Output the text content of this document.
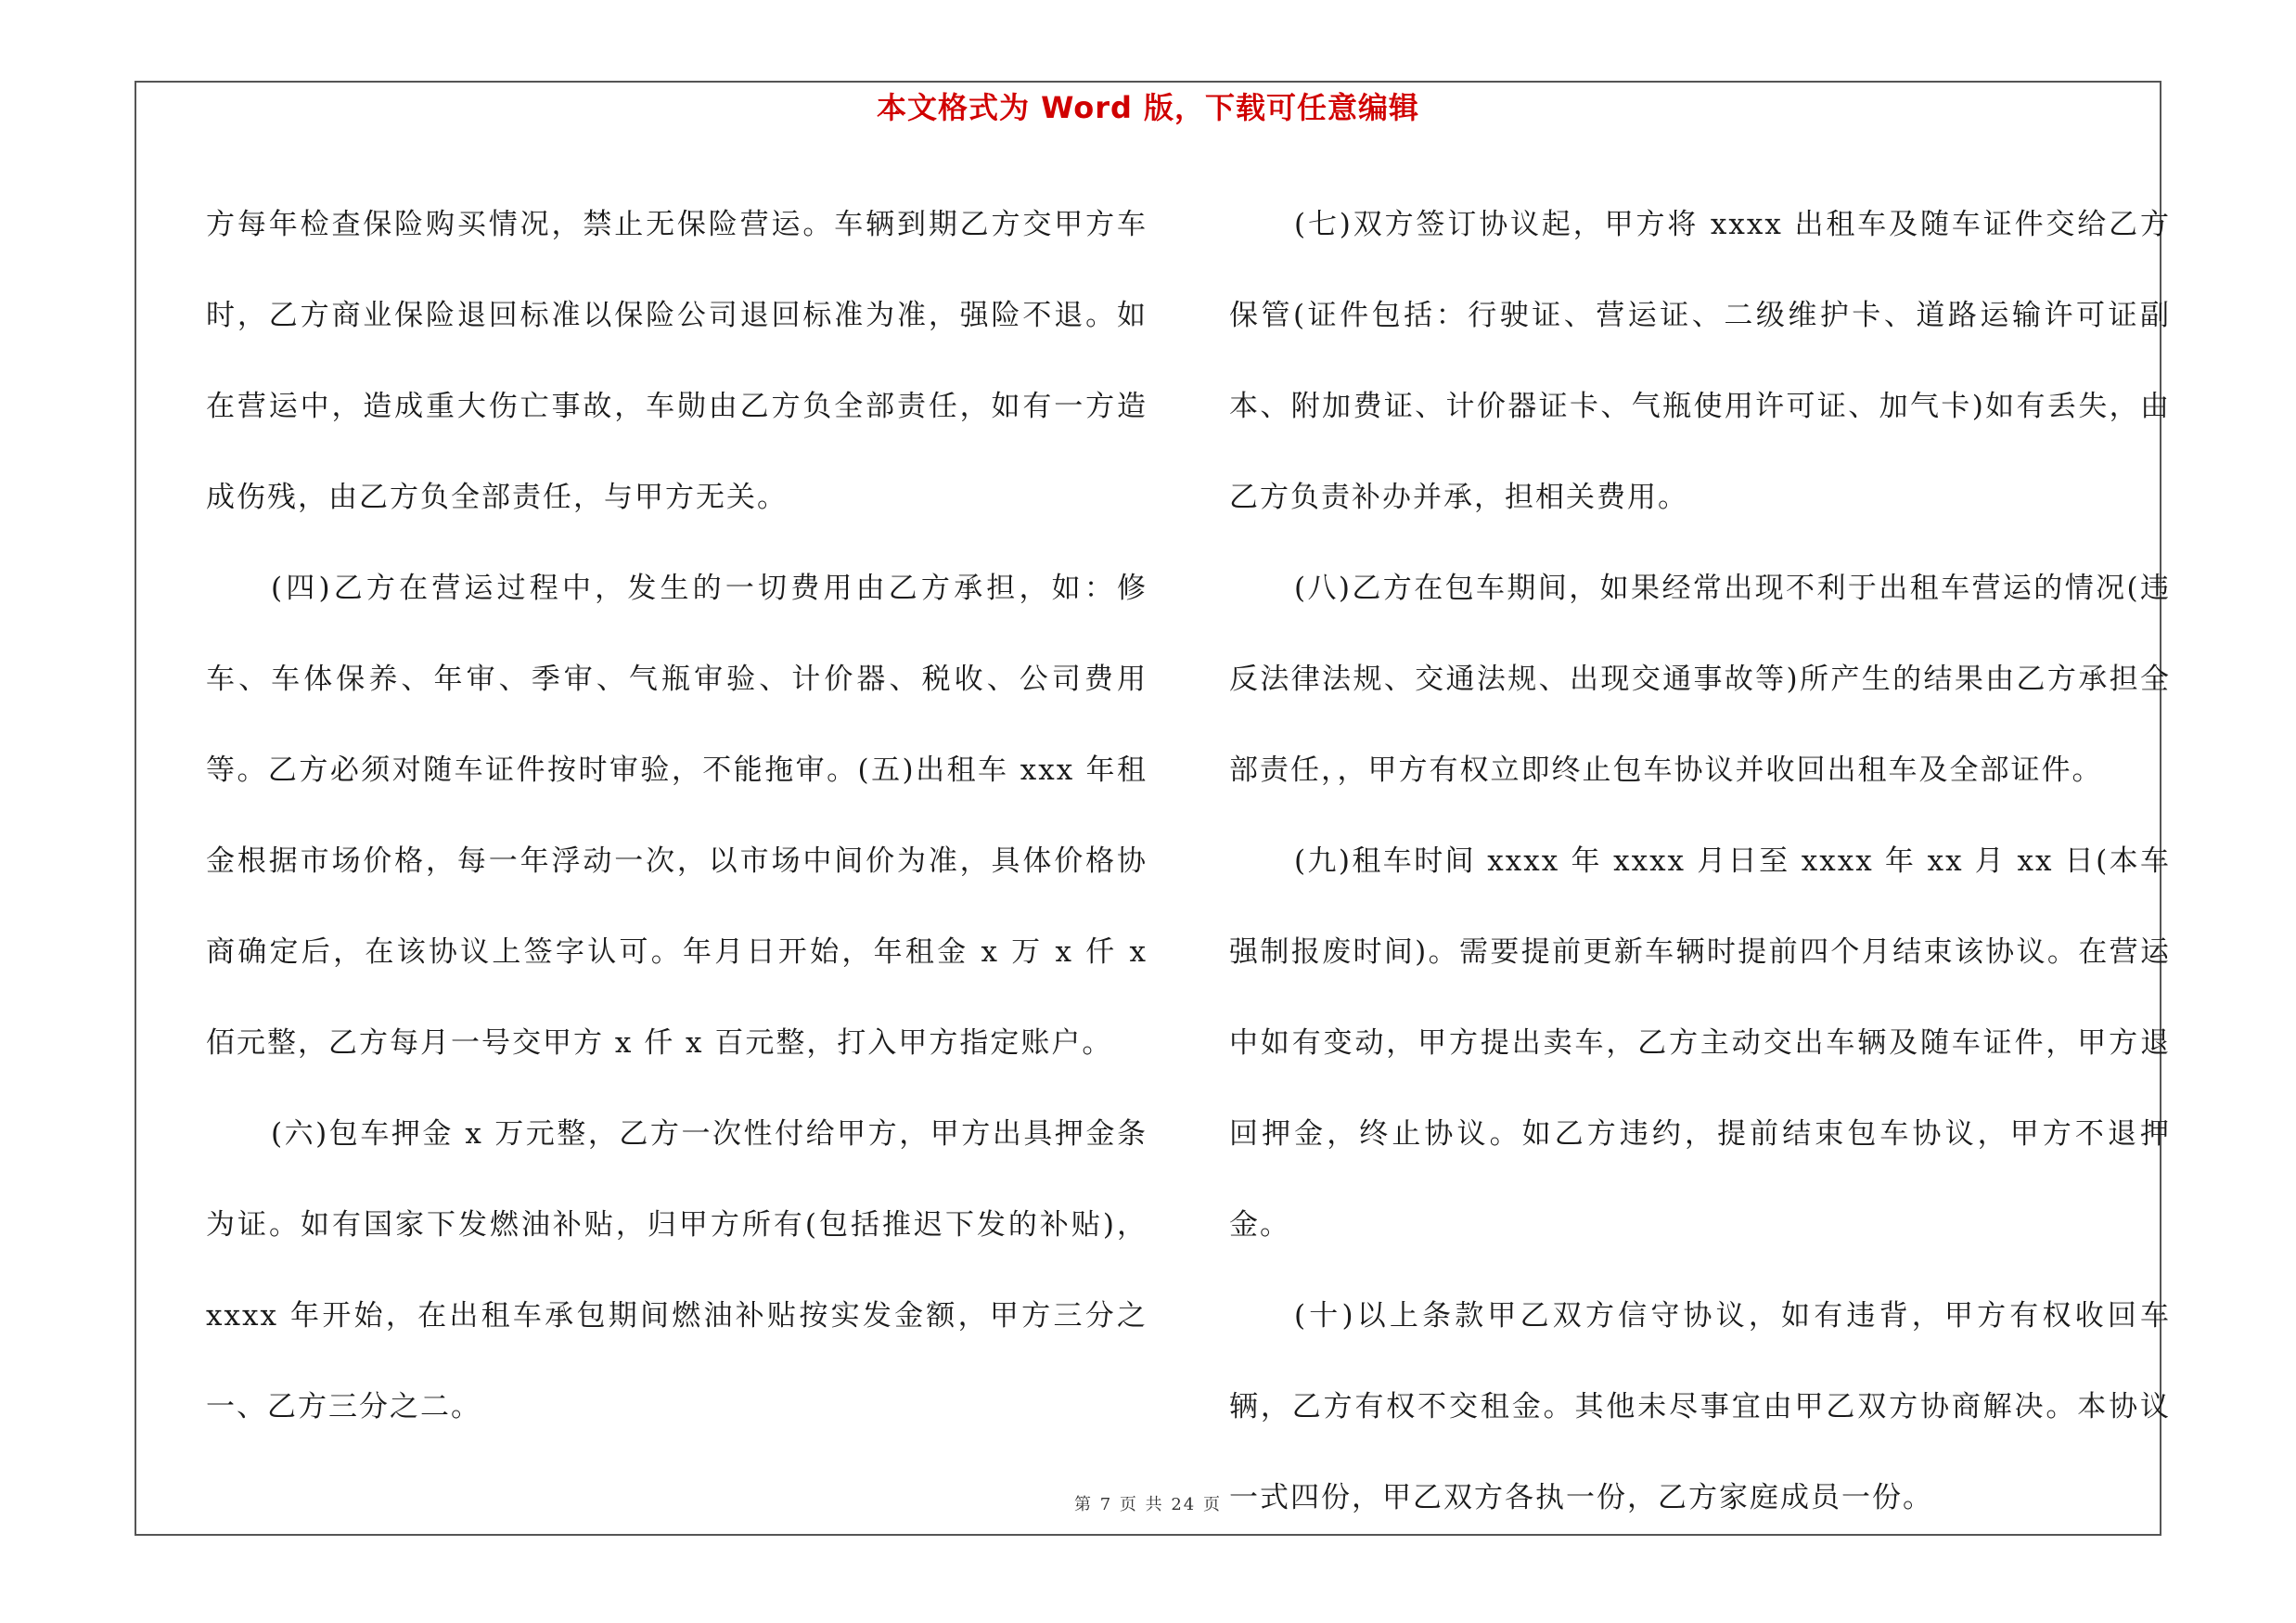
本文格式为 Word 版，下载可任意编辑

方每年检查保险购买情况，禁止无保险营运。车辆到期乙方交甲方车时，乙方商业保险退回标准以保险公司退回标准为准，强险不退。如在营运中，造成重大伤亡事故，车勋由乙方负全部责任，如有一方造成伤残，由乙方负全部责任，与甲方无关。

(四)乙方在营运过程中，发生的一切费用由乙方承担，如：修车、车体保养、年审、季审、气瓶审验、计价器、税收、公司费用等。乙方必须对随车证件按时审验，不能拖审。(五)出租车 xxx 年租金根据市场价格，每一年浮动一次，以市场中间价为准，具体价格协商确定后，在该协议上签字认可。年月日开始，年租金 x 万 x 仟 x 佰元整，乙方每月一号交甲方 x 仟 x 百元整，打入甲方指定账户。

(六)包车押金 x 万元整，乙方一次性付给甲方，甲方出具押金条为证。如有国家下发燃油补贴，归甲方所有(包括推迟下发的补贴)，xxxx 年开始，在出租车承包期间燃油补贴按实发金额，甲方三分之一、乙方三分之二。

(七)双方签订协议起，甲方将 xxxx 出租车及随车证件交给乙方保管(证件包括：行驶证、营运证、二级维护卡、道路运输许可证副本、附加费证、计价器证卡、气瓶使用许可证、加气卡)如有丢失，由乙方负责补办并承，担相关费用。

(八)乙方在包车期间，如果经常出现不利于出租车营运的情况(违反法律法规、交通法规、出现交通事故等)所产生的结果由乙方承担全部责任，，甲方有权立即终止包车协议并收回出租车及全部证件。

(九)租车时间 xxxx 年 xxxx 月日至 xxxx 年 xx 月 xx 日(本车强制报废时间)。需要提前更新车辆时提前四个月结束该协议。在营运中如有变动，甲方提出卖车，乙方主动交出车辆及随车证件，甲方退回押金，终止协议。如乙方违约，提前结束包车协议，甲方不退押金。

(十)以上条款甲乙双方信守协议，如有违背，甲方有权收回车辆，乙方有权不交租金。其他未尽事宜由甲乙双方协商解决。本协议一式四份，甲乙双方各执一份，乙方家庭成员一份。

第 7 页 共 24 页
